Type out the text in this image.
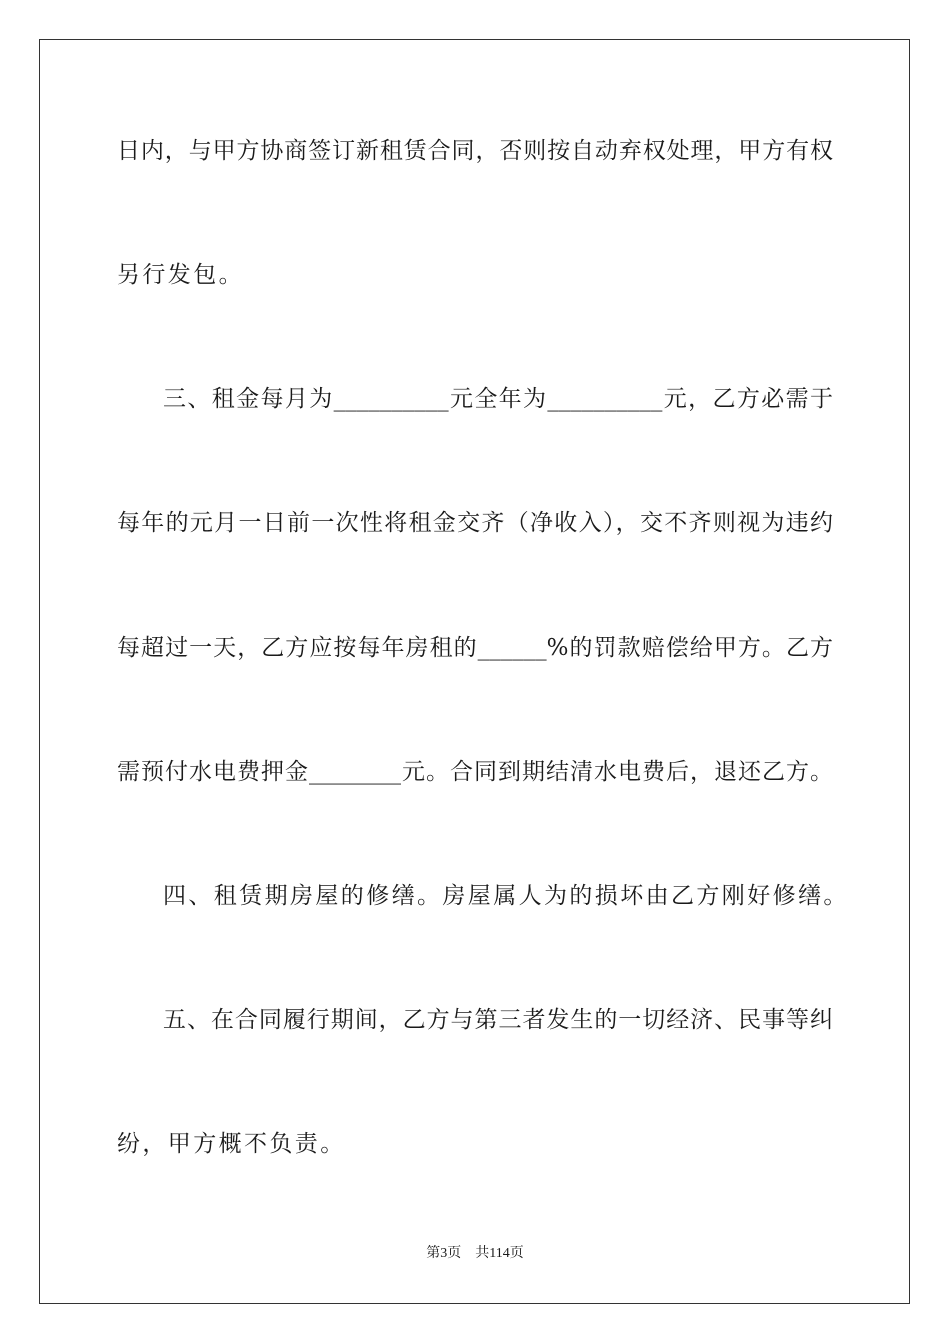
日内，与甲方协商签订新租赁合同，否则按自动弃权处理，甲方有权
另行发包。
三、租金每月为__________元全年为__________元，乙方必需于
每年的元月一日前一次性将租金交齐（净收入），交不齐则视为违约
每超过一天，乙方应按每年房租的______%的罚款赔偿给甲方。乙方
需预付水电费押金________元。合同到期结清水电费后，退还乙方。
四、租赁期房屋的修缮。房屋属人为的损坏由乙方刚好修缮。
五、在合同履行期间，乙方与第三者发生的一切经济、民事等纠
纷，甲方概不负责。
第3页 共114页
